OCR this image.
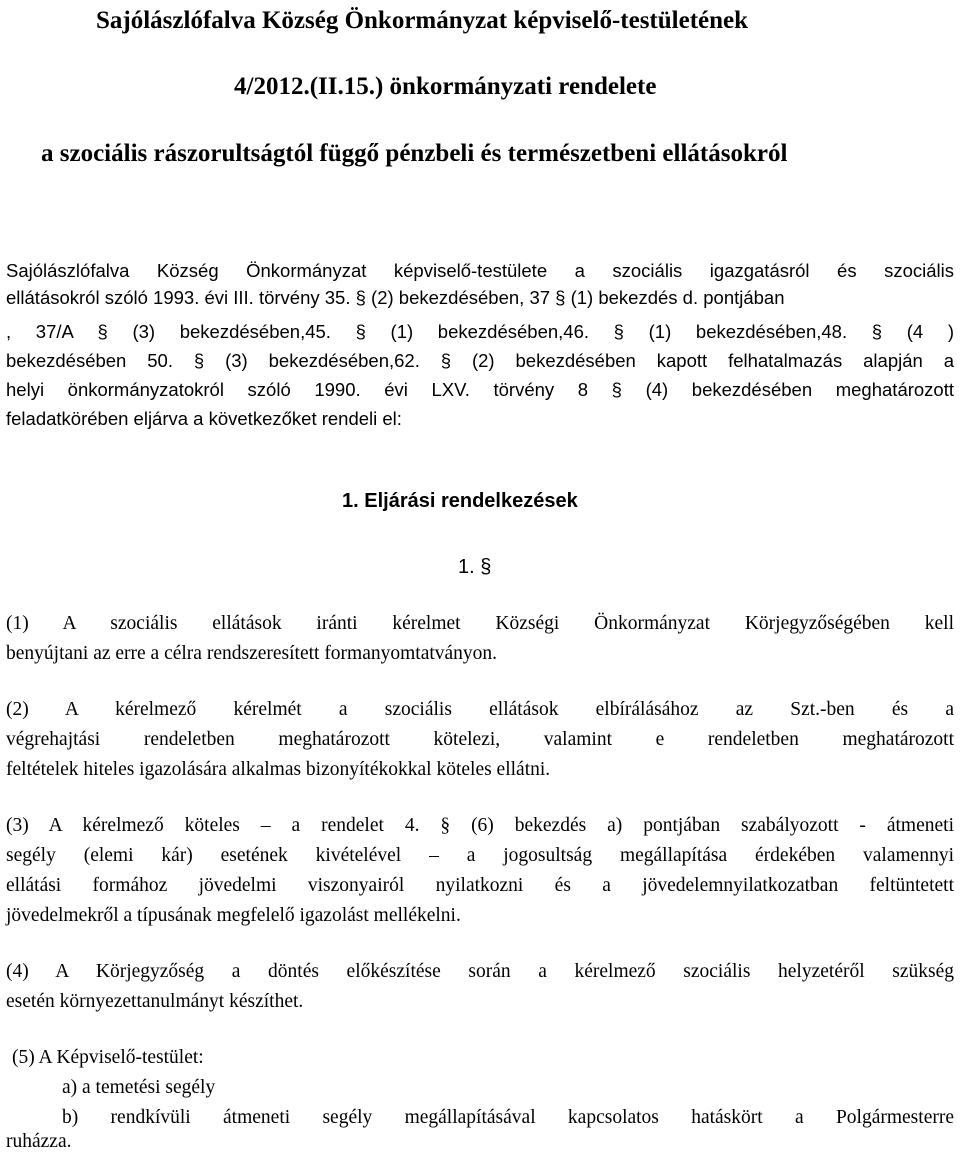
Sajólászlófalva Község Önkormányzat képviselő-testületének
4/2012.(II.15.) önkormányzati rendelete
a szociális rászorultságtól függő pénzbeli és természetbeni ellátásokról
Sajólászlófalva Község Önkormányzat képviselő-testülete a szociális igazgatásról és szociális
ellátásokról szóló 1993. évi III. törvény 35. § (2) bekezdésében, 37 § (1) bekezdés d. pontjában
, 37/A § (3) bekezdésében,45. § (1) bekezdésében,46. § (1) bekezdésében,48. § (4 )
bekezdésében 50. § (3) bekezdésében,62. § (2) bekezdésében kapott felhatalmazás alapján a
helyi önkormányzatokról szóló 1990. évi LXV. törvény 8 § (4) bekezdésében meghatározott
feladatkörében eljárva a következőket rendeli el:
1. Eljárási rendelkezések
1. §
(1) A szociális ellátások iránti kérelmet Községi Önkormányzat Körjegyzőségében kell
benyújtani az erre a célra rendszeresített formanyomtatványon.
(2) A kérelmező kérelmét a szociális ellátások elbírálásához az Szt.-ben és a
végrehajtási rendeletben meghatározott kötelezi, valamint e rendeletben meghatározott
feltételek hiteles igazolására alkalmas bizonyítékokkal köteles ellátni.
(3) A kérelmező köteles – a rendelet 4. § (6) bekezdés a) pontjában szabályozott - átmeneti
segély (elemi kár) esetének kivételével – a jogosultság megállapítása érdekében valamennyi
ellátási formához jövedelmi viszonyairól nyilatkozni és a jövedelemnyilatkozatban feltüntetett
jövedelmekről a típusának megfelelő igazolást mellékelni.
(4) A Körjegyzőség a döntés előkészítése során a kérelmező szociális helyzetéről szükség
esetén környezettanulmányt készíthet.
(5) A Képviselő-testület:
a) a temetési segély
b) rendkívüli átmeneti segély megállapításával kapcsolatos hatáskört a Polgármesterre
ruházza.
